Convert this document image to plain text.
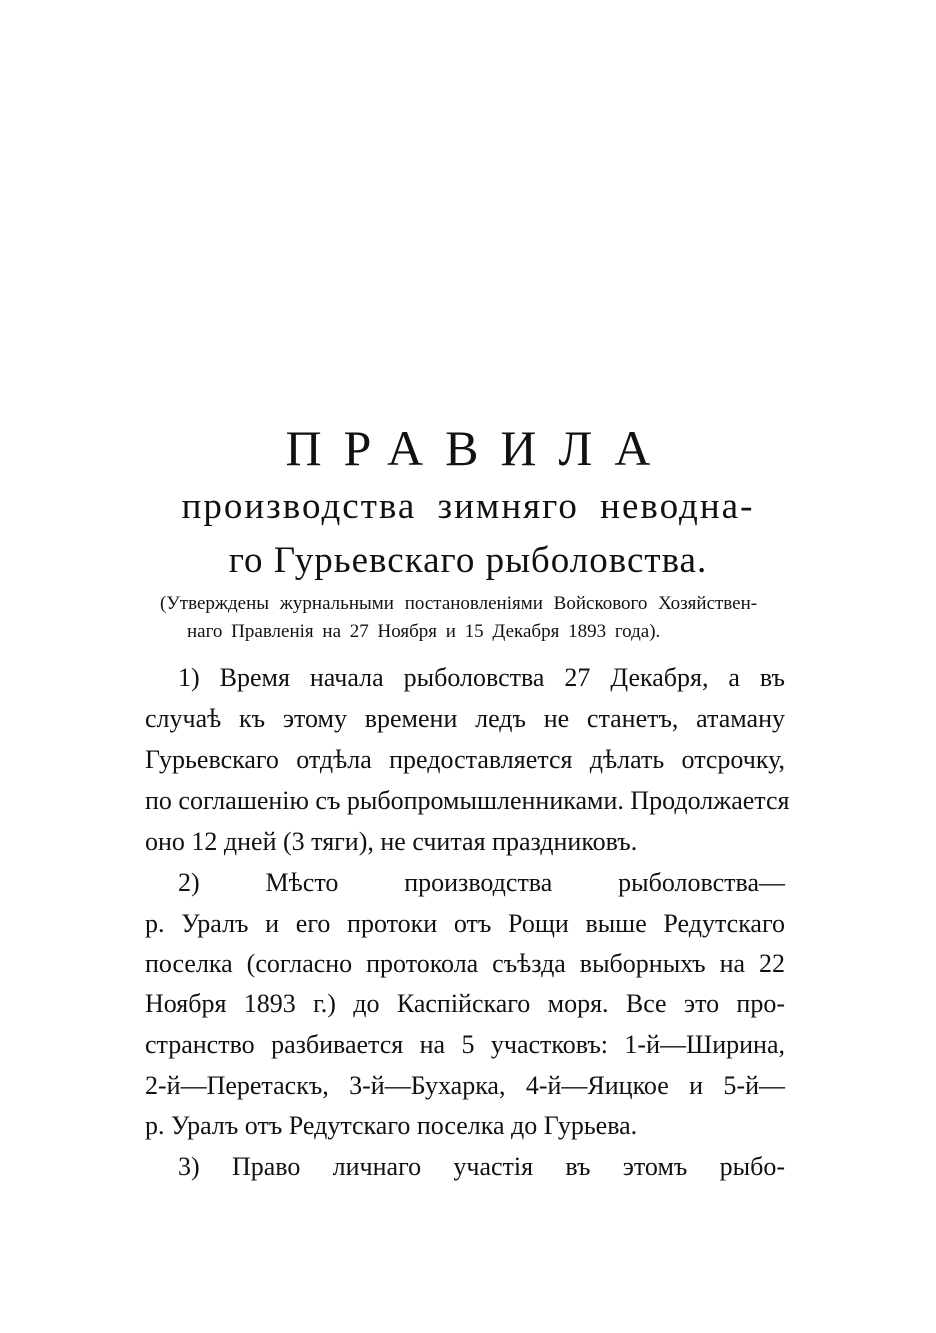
ПРАВИЛА
производства зимняго неводна-
го Гурьевскаго рыболовства.
(Утверждены журнальными постановленіями Войскового Хозяйствен-
наго Правленія на 27 Ноября и 15 Декабря 1893 года).
1) Время начала рыболовства 27 Декабря, а въ
случаѣ къ этому времени ледъ не станетъ, атаману
Гурьевскаго отдѣла предоставляется дѣлать отсрочку,
по соглашенію съ рыбопромышленниками. Продолжается
оно 12 дней (3 тяги), не считая праздниковъ.
2) Мѣсто производства рыболовства—
р. Уралъ и его протоки отъ Рощи выше Редутскаго
поселка (согласно протокола съѣзда выборныхъ на 22
Ноября 1893 г.) до Каспійскаго моря. Все это про-
странство разбивается на 5 участковъ: 1-й—Ширина,
2-й—Перетаскъ, 3-й—Бухарка, 4-й—Яицкое и 5-й—
р. Уралъ отъ Редутскаго поселка до Гурьева.
3) Право личнаго участія въ этомъ рыбо-
